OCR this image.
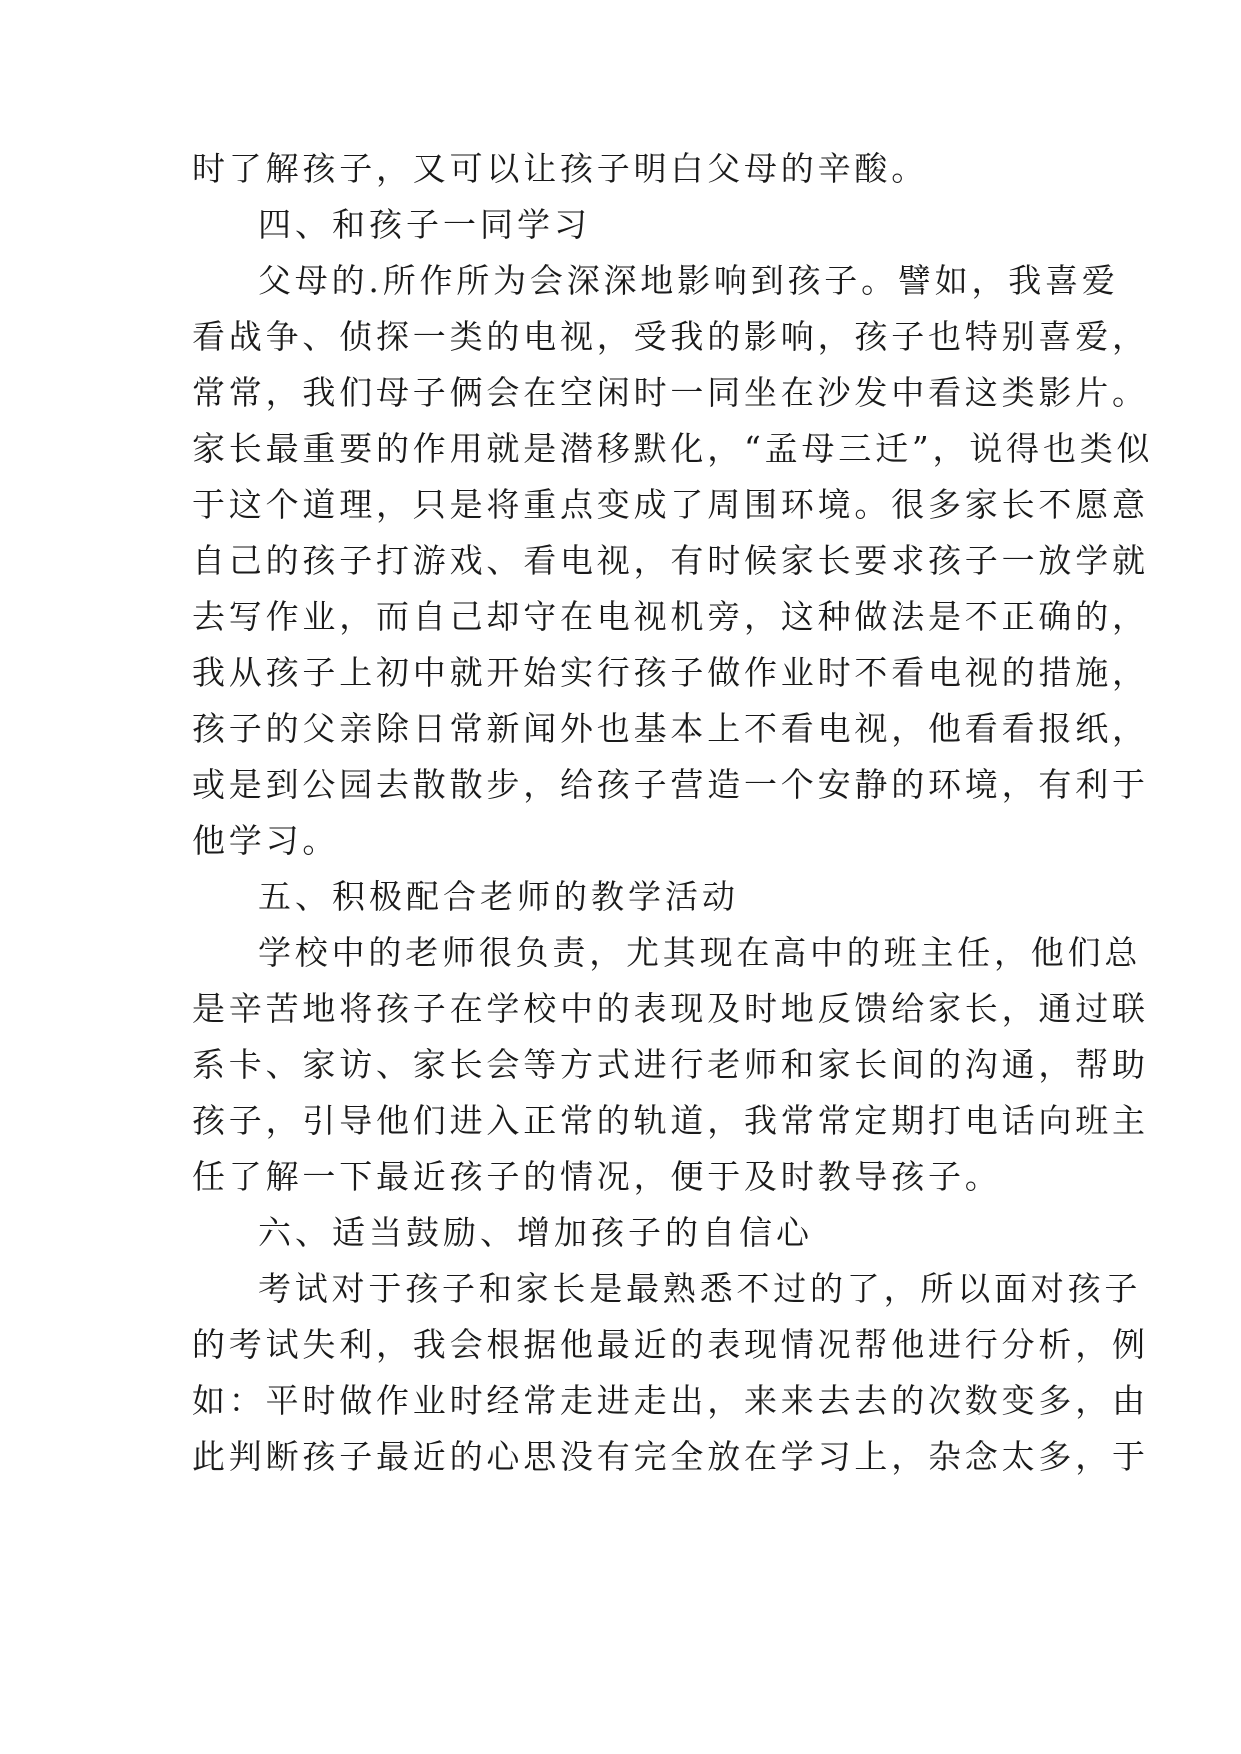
时了解孩子，又可以让孩子明白父母的辛酸。
四、和孩子一同学习
父母的.所作所为会深深地影响到孩子。譬如，我喜爱
看战争、侦探一类的电视，受我的影响，孩子也特别喜爱，
常常，我们母子俩会在空闲时一同坐在沙发中看这类影片。
家长最重要的作用就是潜移默化，“孟母三迁”，说得也类似
于这个道理，只是将重点变成了周围环境。很多家长不愿意
自己的孩子打游戏、看电视，有时候家长要求孩子一放学就
去写作业，而自己却守在电视机旁，这种做法是不正确的，
我从孩子上初中就开始实行孩子做作业时不看电视的措施，
孩子的父亲除日常新闻外也基本上不看电视，他看看报纸，
或是到公园去散散步，给孩子营造一个安静的环境，有利于
他学习。
五、积极配合老师的教学活动
学校中的老师很负责，尤其现在高中的班主任，他们总
是辛苦地将孩子在学校中的表现及时地反馈给家长，通过联
系卡、家访、家长会等方式进行老师和家长间的沟通，帮助
孩子，引导他们进入正常的轨道，我常常定期打电话向班主
任了解一下最近孩子的情况，便于及时教导孩子。
六、适当鼓励、增加孩子的自信心
考试对于孩子和家长是最熟悉不过的了，所以面对孩子
的考试失利，我会根据他最近的表现情况帮他进行分析，例
如：平时做作业时经常走进走出，来来去去的次数变多，由
此判断孩子最近的心思没有完全放在学习上，杂念太多，于
